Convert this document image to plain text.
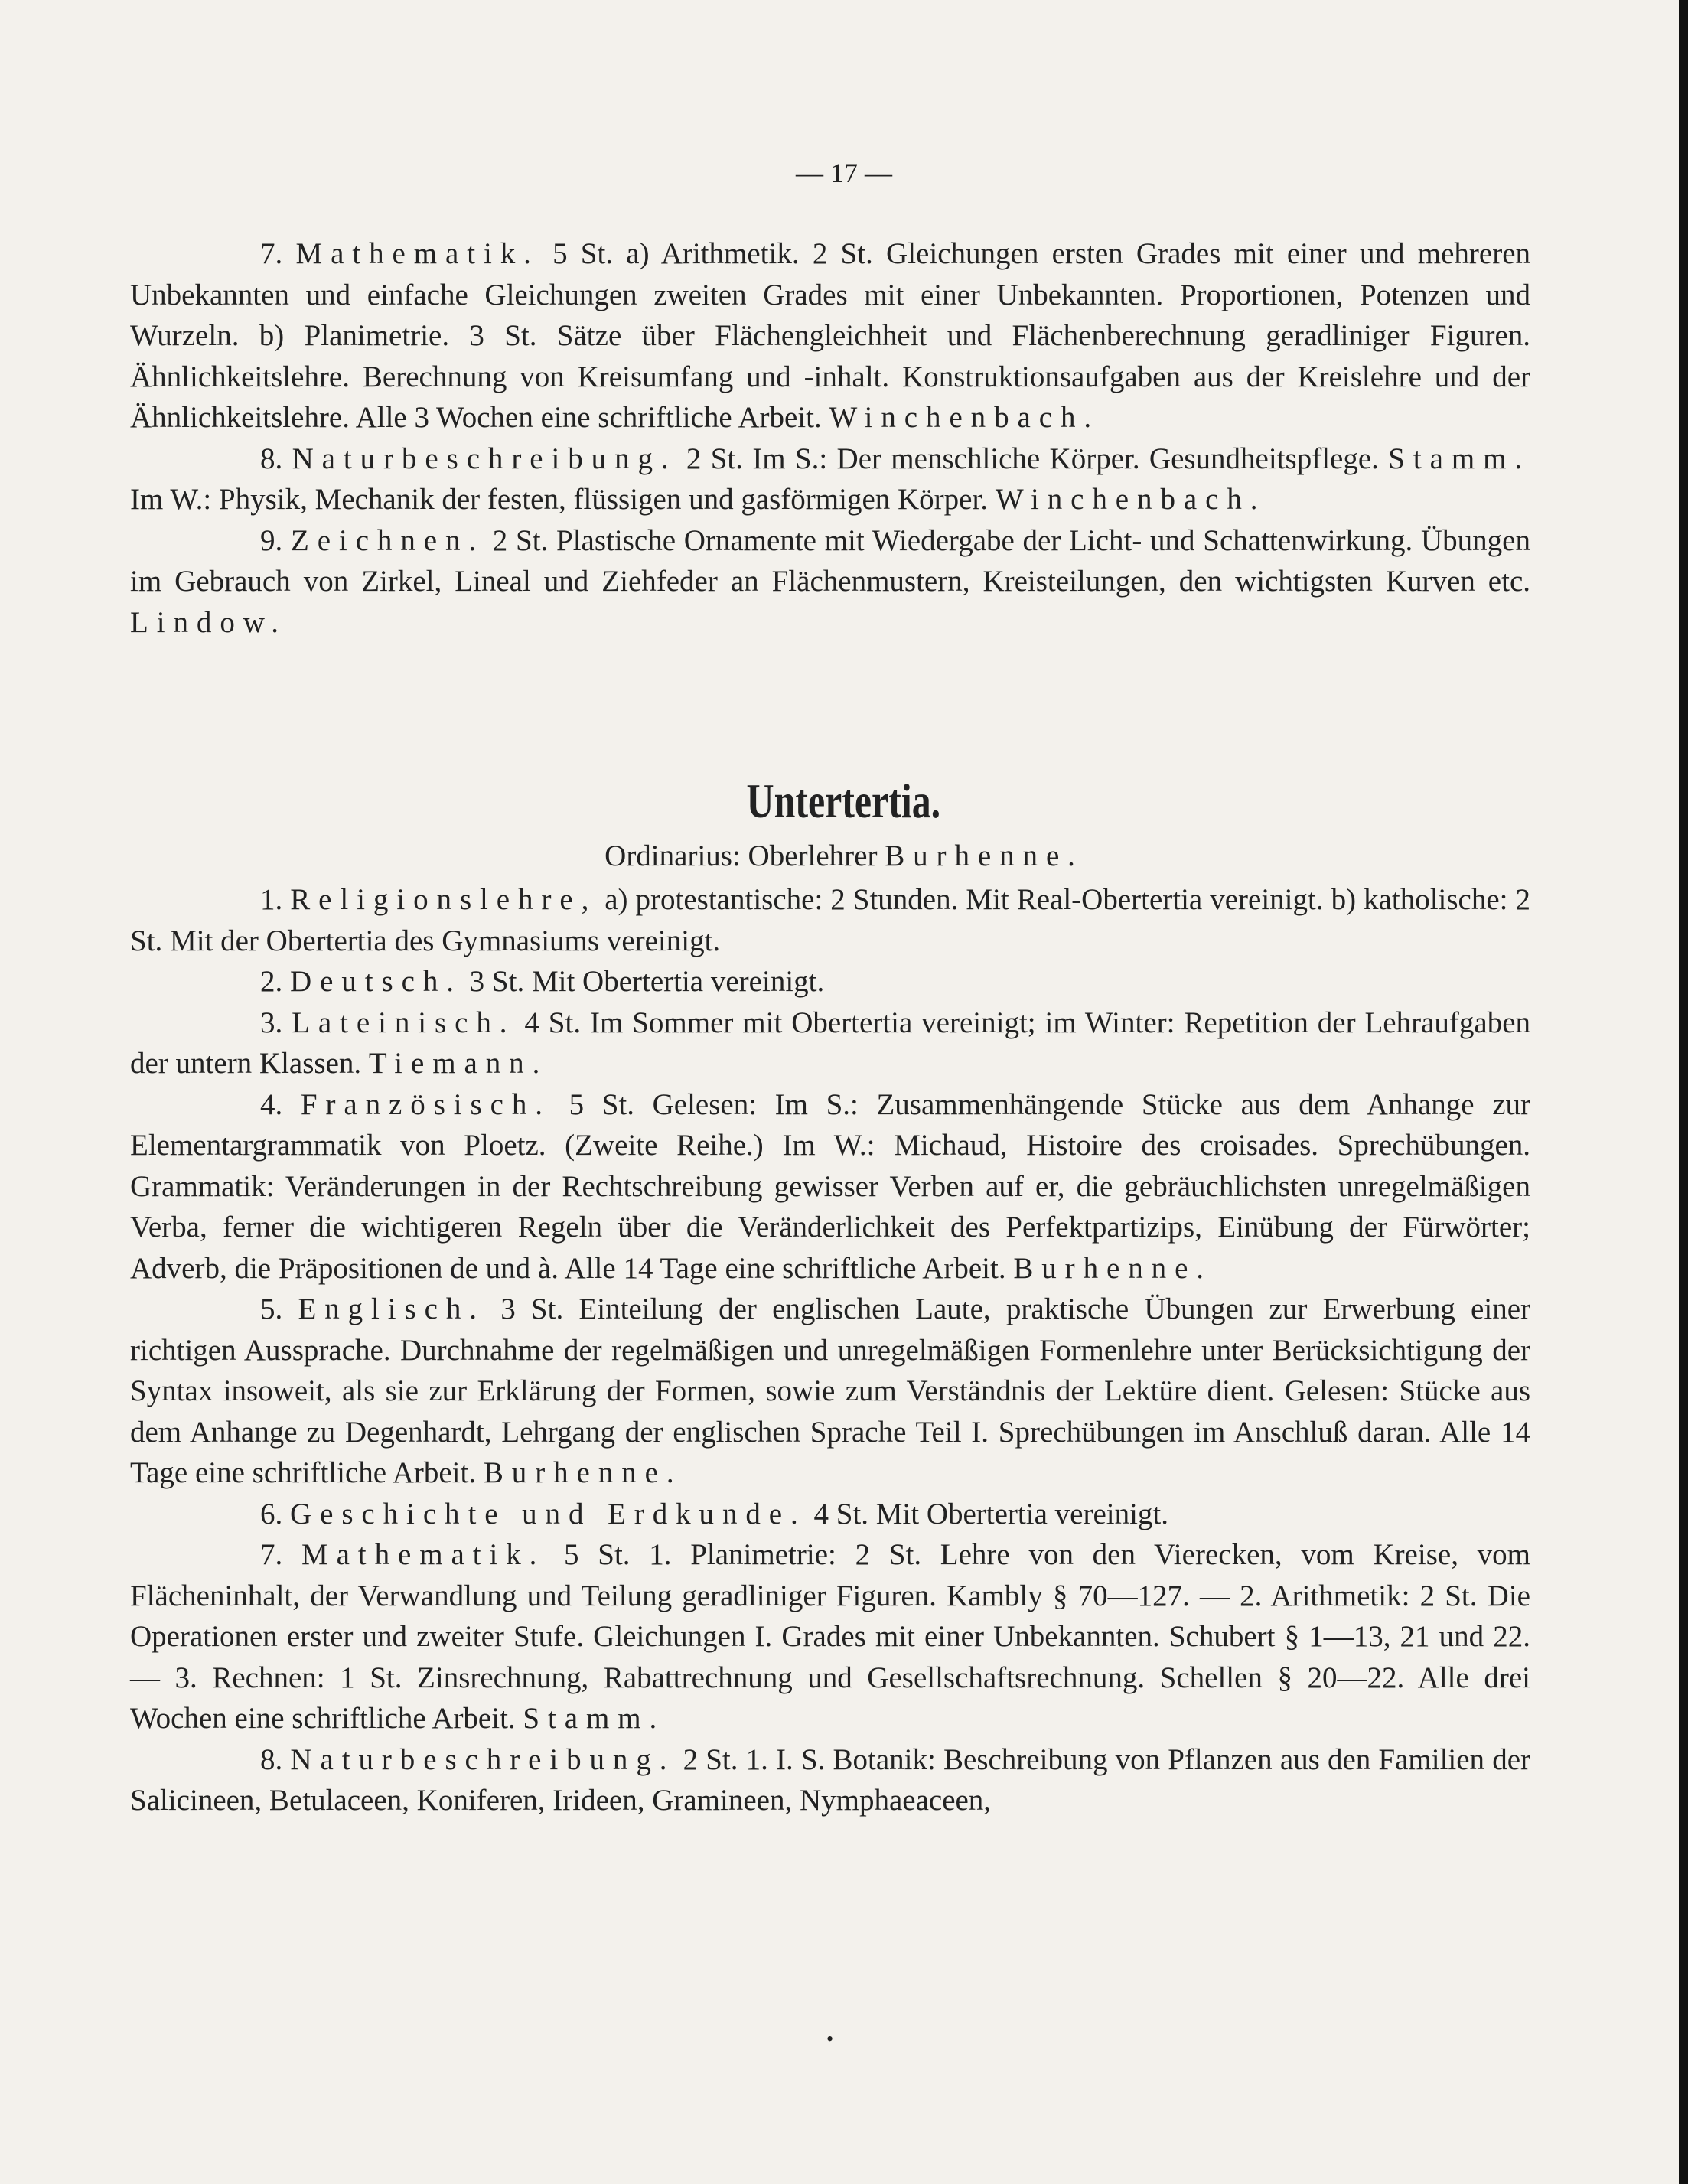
— 17 —
7. Mathematik. 5 St. a) Arithmetik. 2 St. Gleichungen ersten Grades mit einer und mehreren Unbekannten und einfache Gleichungen zweiten Grades mit einer Unbekannten. Proportionen, Potenzen und Wurzeln. b) Planimetrie. 3 St. Sätze über Flächengleichheit und Flächenberechnung geradliniger Figuren. Ähnlichkeitslehre. Berechnung von Kreisumfang und -inhalt. Konstruktionsaufgaben aus der Kreislehre und der Ähnlichkeitslehre. Alle 3 Wochen eine schriftliche Arbeit. Winchenbach.
8. Naturbeschreibung. 2 St. Im S.: Der menschliche Körper. Gesundheitspflege. Stamm. Im W.: Physik, Mechanik der festen, flüssigen und gasförmigen Körper. Winchenbach.
9. Zeichnen. 2 St. Plastische Ornamente mit Wiedergabe der Licht- und Schattenwirkung. Übungen im Gebrauch von Zirkel, Lineal und Ziehfeder an Flächenmustern, Kreisteilungen, den wichtigsten Kurven etc. Lindow.
Untertertia.
Ordinarius: Oberlehrer Burhenne.
1. Religionslehre, a) protestantische: 2 Stunden. Mit Real-Obertertia vereinigt. b) katholische: 2 St. Mit der Obertertia des Gymnasiums vereinigt.
2. Deutsch. 3 St. Mit Obertertia vereinigt.
3. Lateinisch. 4 St. Im Sommer mit Obertertia vereinigt; im Winter: Repetition der Lehraufgaben der untern Klassen. Tiemann.
4. Französisch. 5 St. Gelesen: Im S.: Zusammenhängende Stücke aus dem Anhange zur Elementargrammatik von Ploetz. (Zweite Reihe.) Im W.: Michaud, Histoire des croisades. Sprechübungen. Grammatik: Veränderungen in der Rechtschreibung gewisser Verben auf er, die gebräuchlichsten unregelmäßigen Verba, ferner die wichtigeren Regeln über die Veränderlichkeit des Perfektpartizips, Einübung der Fürwörter; Adverb, die Präpositionen de und à. Alle 14 Tage eine schriftliche Arbeit. Burhenne.
5. Englisch. 3 St. Einteilung der englischen Laute, praktische Übungen zur Erwerbung einer richtigen Aussprache. Durchnahme der regelmäßigen und unregelmäßigen Formenlehre unter Berücksichtigung der Syntax insoweit, als sie zur Erklärung der Formen, sowie zum Verständnis der Lektüre dient. Gelesen: Stücke aus dem Anhange zu Degenhardt, Lehrgang der englischen Sprache Teil I. Sprechübungen im Anschluß daran. Alle 14 Tage eine schriftliche Arbeit. Burhenne.
6. Geschichte und Erdkunde. 4 St. Mit Obertertia vereinigt.
7. Mathematik. 5 St. 1. Planimetrie: 2 St. Lehre von den Vierecken, vom Kreise, vom Flächeninhalt, der Verwandlung und Teilung geradliniger Figuren. Kambly § 70—127. — 2. Arithmetik: 2 St. Die Operationen erster und zweiter Stufe. Gleichungen I. Grades mit einer Unbekannten. Schubert § 1—13, 21 und 22. — 3. Rechnen: 1 St. Zinsrechnung, Rabattrechnung und Gesellschaftsrechnung. Schellen § 20—22. Alle drei Wochen eine schriftliche Arbeit. Stamm.
8. Naturbeschreibung. 2 St. 1. I. S. Botanik: Beschreibung von Pflanzen aus den Familien der Salicineen, Betulaceen, Koniferen, Irideen, Gramineen, Nymphaeaceen,
•
